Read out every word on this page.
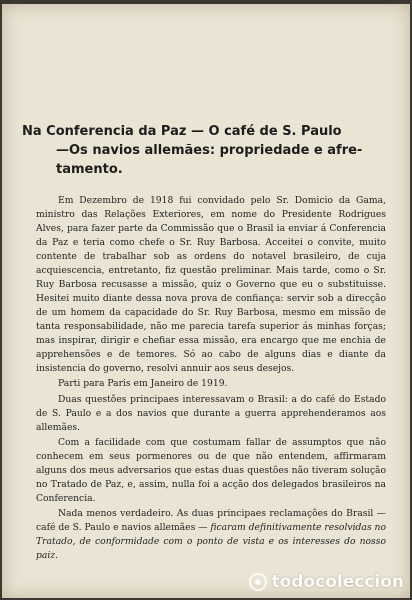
Na Conferencia da Paz — O café de S. Paulo

—Os navios allemães: propriedade e afre-
tamento.

Em Dezembro de 1918 fui convidado pelo Sr. Domicio da Gama, ministro das Relações Exteriores, em nome do Presidente Rodrigues Alves, para fazer parte da Commissão que o Brasil ia enviar á Conferencia da Paz e teria como chefe o Sr. Ruy Barbosa. Acceitei o convite, muito contente de trabalhar sob as ordens do notavel brasileiro, de cuja acquiescencia, entretanto, fiz questão preliminar. Mais tarde, como o Sr. Ruy Barbosa recusasse a missão, quiz o Governo que eu o substituisse. Hesitei muito diante dessa nova prova de confiança: servir sob a direcção de um homem da capacidade do Sr. Ruy Barbosa, mesmo em missão de tanta responsabilidade, não me parecia tarefa superior ás minhas forças; mas inspirar, dirigir e chefiar essa missão, era encargo que me enchia de apprehensões e de temores. Só ao cabo de alguns dias e diante da insistencia do governo, resolvi annuir aos seus desejos.

Parti para Paris em Janeiro de 1919.

Duas questões principaes interessavam o Brasil: a do café do Estado de S. Paulo e a dos navios que durante a guerra apprehenderamos aos allemães.

Com a facilidade com que costumam fallar de assumptos que não conhecem em seus pormenores ou de que não entendem, affirmaram alguns dos meus adversarios que estas duas questões não tiveram solução no Tratado de Paz, e, assim, nulla foi a acção dos delegados brasileiros na Conferencia.

Nada menos verdadeiro. As duas principaes reclamações do Brasil — café de S. Paulo e navios allemães — ficaram definitivamente resolvidas no Tratado, de conformidade com o ponto de vista e os interesses do nosso paiz.

todocoleccion
